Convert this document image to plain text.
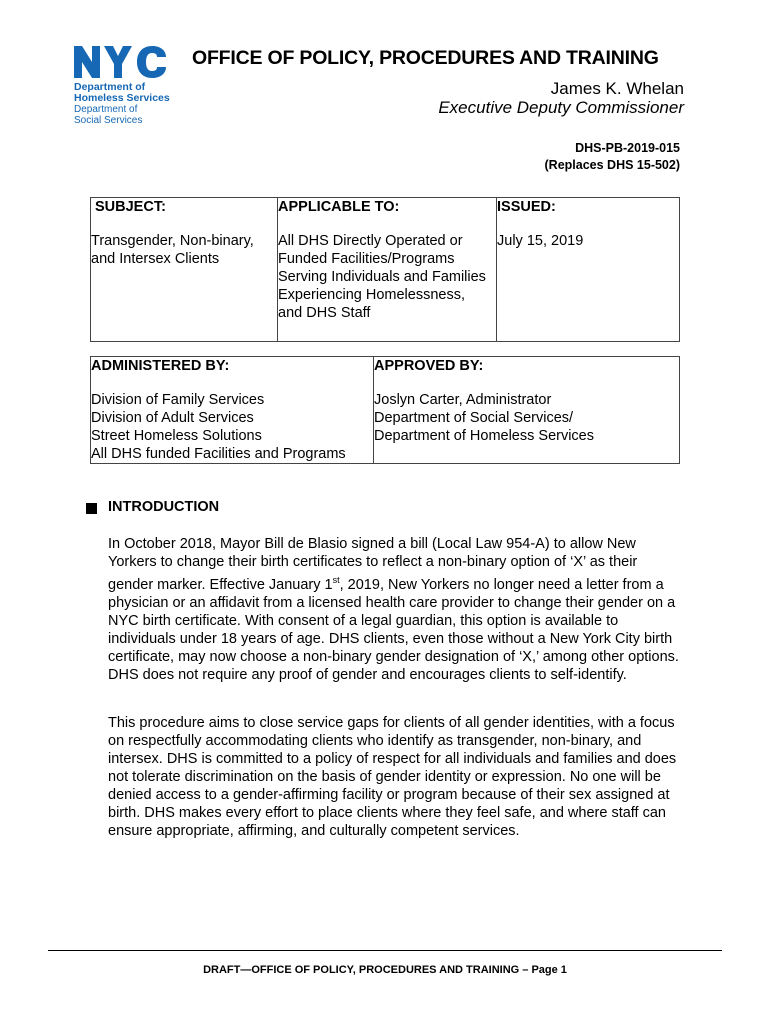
Department of
Homeless Services
Department of
Social Services
OFFICE OF POLICY, PROCEDURES AND TRAINING
James K. Whelan
Executive Deputy Commissioner
DHS-PB-2019-015
(Replaces DHS 15-502)
SUBJECT:
Transgender, Non-binary,
and Intersex Clients

APPLICABLE TO:
All DHS Directly Operated or
Funded Facilities/Programs
Serving Individuals and Families
Experiencing Homelessness,
and DHS Staff

ISSUED:
July 15, 2019
ADMINISTERED BY:
Division of Family Services
Division of Adult Services
Street Homeless Solutions
All DHS funded Facilities and Programs

APPROVED BY:
Joslyn Carter, Administrator
Department of Social Services/
Department of Homeless Services
INTRODUCTION
In October 2018, Mayor Bill de Blasio signed a bill (Local Law 954-A) to allow New Yorkers to change their birth certificates to reflect a non-binary option of ‘X’ as their gender marker. Effective January 1st, 2019, New Yorkers no longer need a letter from a physician or an affidavit from a licensed health care provider to change their gender on a NYC birth certificate. With consent of a legal guardian, this option is available to individuals under 18 years of age. DHS clients, even those without a New York City birth certificate, may now choose a non-binary gender designation of ‘X,’ among other options. DHS does not require any proof of gender and encourages clients to self-identify.
This procedure aims to close service gaps for clients of all gender identities, with a focus on respectfully accommodating clients who identify as transgender, non-binary, and intersex. DHS is committed to a policy of respect for all individuals and families and does not tolerate discrimination on the basis of gender identity or expression. No one will be denied access to a gender-affirming facility or program because of their sex assigned at birth. DHS makes every effort to place clients where they feel safe, and where staff can ensure appropriate, affirming, and culturally competent services.
DRAFT—OFFICE OF POLICY, PROCEDURES AND TRAINING – Page 1
